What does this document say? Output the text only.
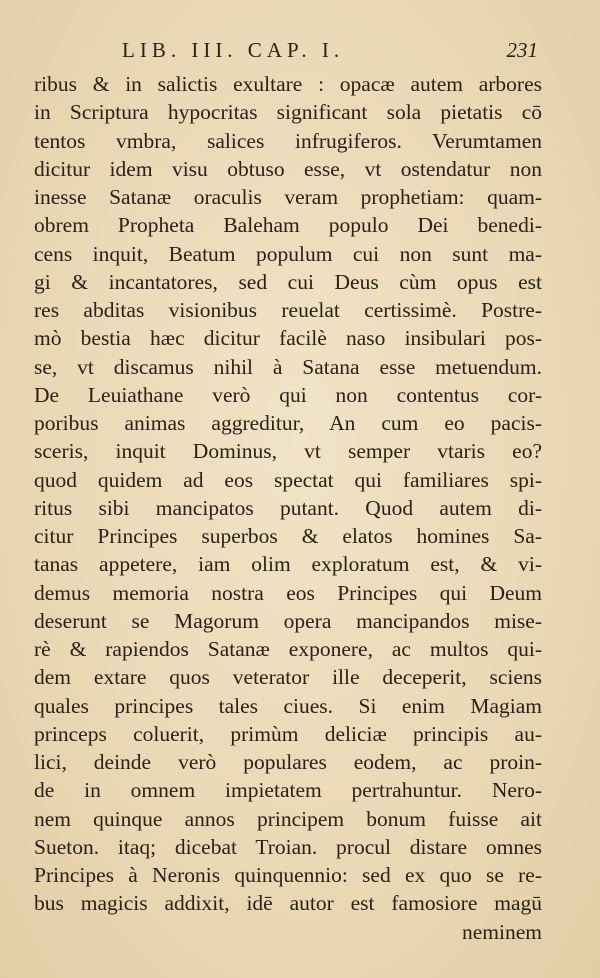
LIB. III. CAP. I.	231
ribus & in salictis exultare : opacæ autem arbores
in Scriptura hypocritas significant sola pietatis cō
tentos vmbra, salices infrugiferos. Verumtamen
dicitur idem visu obtuso esse, vt ostendatur non
inesse Satanæ oraculis veram prophetiam: quam-
obrem Propheta Baleham populo Dei benedi-
cens inquit, Beatum populum cui non sunt ma-
gi & incantatores, sed cui Deus cùm opus est
res abditas visionibus reuelat certissimè. Postre-
mò bestia hæc dicitur facilè naso insibulari pos-
se, vt discamus nihil à Satana esse metuendum.
De Leuiathane verò qui non contentus cor-
poribus animas aggreditur, An cum eo pacis-
sceris, inquit Dominus, vt semper vtaris eo?
quod quidem ad eos spectat qui familiares spi-
ritus sibi mancipatos putant. Quod autem di-
citur Principes superbos & elatos homines Sa-
tanas appetere, iam olim exploratum est, & vi-
demus memoria nostra eos Principes qui Deum
deserunt se Magorum opera mancipandos mise-
rè & rapiendos Satanæ exponere, ac multos qui-
dem extare quos veterator ille deceperit, sciens
quales principes tales ciues. Si enim Magiam
princeps coluerit, primùm deliciæ principis au-
lici, deinde verò populares eodem, ac proin-
de in omnem impietatem pertrahuntur. Nero-
nem quinque annos principem bonum fuisse ait
Sueton. itaq; dicebat Troian. procul distare omnes
Principes à Neronis quinquennio: sed ex quo se re-
bus magicis addixit, idē autor est famosiore magū
neminem
